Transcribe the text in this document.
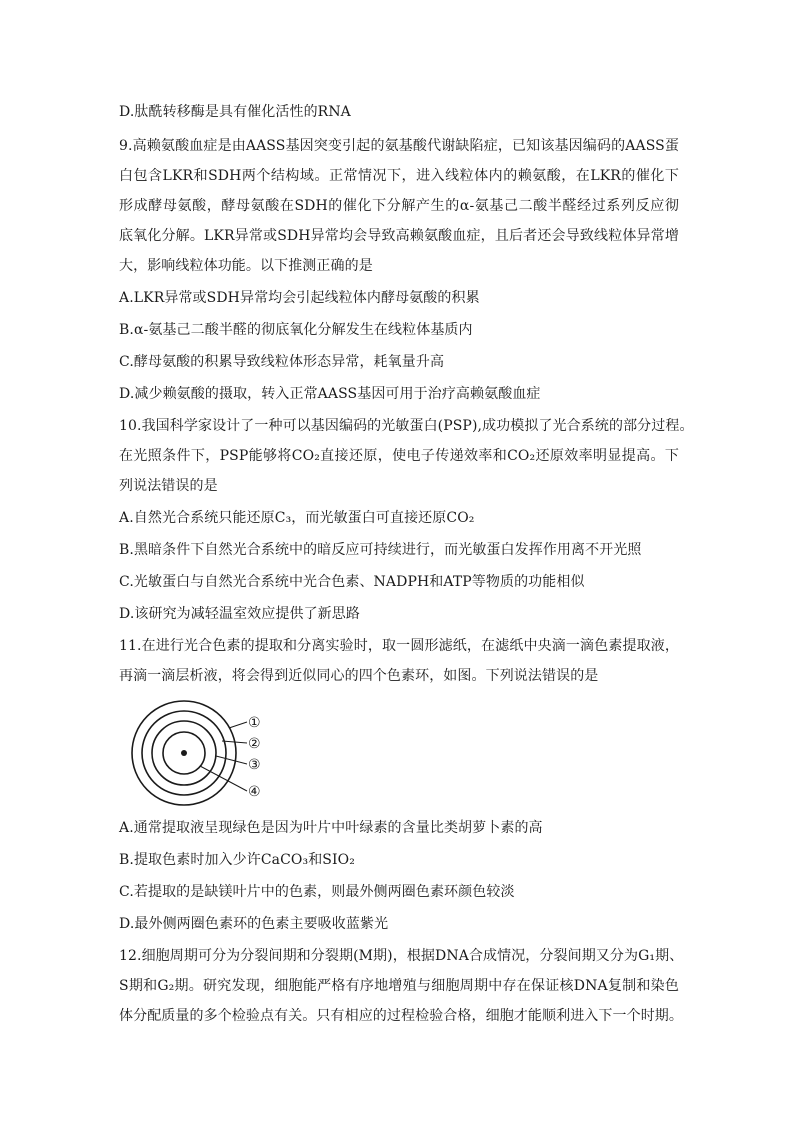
D.肽酰转移酶是具有催化活性的RNA
9.高赖氨酸血症是由AASS基因突变引起的氨基酸代谢缺陷症，已知该基因编码的AASS蛋
白包含LKR和SDH两个结构域。正常情况下，进入线粒体内的赖氨酸，在LKR的催化下
形成酵母氨酸，酵母氨酸在SDH的催化下分解产生的α-氨基己二酸半醛经过系列反应彻
底氧化分解。LKR异常或SDH异常均会导致高赖氨酸血症，且后者还会导致线粒体异常增
大，影响线粒体功能。以下推测正确的是
A.LKR异常或SDH异常均会引起线粒体内酵母氨酸的积累
B.α-氨基己二酸半醛的彻底氧化分解发生在线粒体基质内
C.酵母氨酸的积累导致线粒体形态异常，耗氧量升高
D.减少赖氨酸的摄取，转入正常AASS基因可用于治疗高赖氨酸血症
10.我国科学家设计了一种可以基因编码的光敏蛋白(PSP),成功模拟了光合系统的部分过程。
在光照条件下，PSP能够将CO₂直接还原，使电子传递效率和CO₂还原效率明显提高。下
列说法错误的是
A.自然光合系统只能还原C₃，而光敏蛋白可直接还原CO₂
B.黑暗条件下自然光合系统中的暗反应可持续进行，而光敏蛋白发挥作用离不开光照
C.光敏蛋白与自然光合系统中光合色素、NADPH和ATP等物质的功能相似
D.该研究为减轻温室效应提供了新思路
11.在进行光合色素的提取和分离实验时，取一圆形滤纸，在滤纸中央滴一滴色素提取液，
再滴一滴层析液，将会得到近似同心的四个色素环，如图。下列说法错误的是
①
②
③
④
A.通常提取液呈现绿色是因为叶片中叶绿素的含量比类胡萝卜素的高
B.提取色素时加入少许CaCO₃和SIO₂
C.若提取的是缺镁叶片中的色素，则最外侧两圈色素环颜色较淡
D.最外侧两圈色素环的色素主要吸收蓝紫光
12.细胞周期可分为分裂间期和分裂期(M期)，根据DNA合成情况，分裂间期又分为G₁期、
S期和G₂期。研究发现，细胞能严格有序地增殖与细胞周期中存在保证核DNA复制和染色
体分配质量的多个检验点有关。只有相应的过程检验合格，细胞才能顺利进入下一个时期。
